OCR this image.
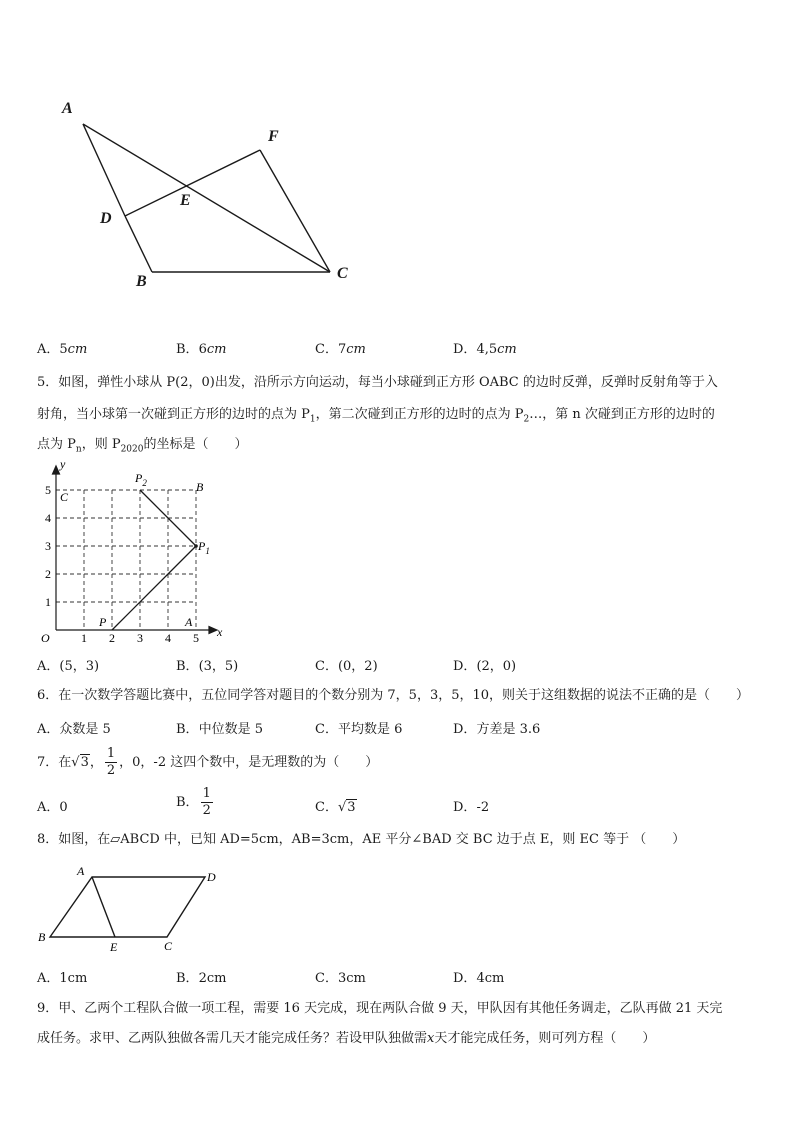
A
F
D
E
B	C
A．5cm	B．6cm	C．7cm	D．4,5cm
5．如图，弹性小球从 P(2，0)出发，沿所示方向运动，每当小球碰到正方形 OABC 的边时反弹，反弹时反射角等于入
射角，当小球第一次碰到正方形的边时的点为 $P_1$，第二次碰到正方形的边时的点为 $P_2\dots$，第 n 次碰到正方形的边时的
点为 $P_n$，则 $P_{2020}$的坐标是（　　）
y
x
O	1 2 3 4 5
1
2
3
4
5 C
B
P	A
$P_1$
$P_2$
A．(5，3)	B．(3，5)	C．(0，2)	D．(2，0)
6．在一次数学答题比赛中，五位同学答对题目的个数分别为 7，5，3，5，10，则关于这组数据的说法不正确的是（　　）
A．众数是 5	B．中位数是 5	C．平均数是 6	D．方差是 3.6
7．在√3， $\frac{1}{2}$ ，0，-2 这四个数中，是无理数的为（　　）
A．0	B． $\frac{1}{2}$	C．√3	D．-2
8．如图，在▱ABCD 中，已知 AD=5cm，AB=3cm，AE 平分∠BAD 交 BC 边于点 E，则 EC 等于 （　　）
A	D
B
E	C
A．1cm	B．2cm	C．3cm	D．4cm
9．甲、乙两个工程队合做一项工程，需要 16 天完成，现在两队合做 9 天，甲队因有其他任务调走，乙队再做 21 天完
成任务。求甲、乙两队独做各需几天才能完成任务？若设甲队独做需x天才能完成任务，则可列方程（　　）
